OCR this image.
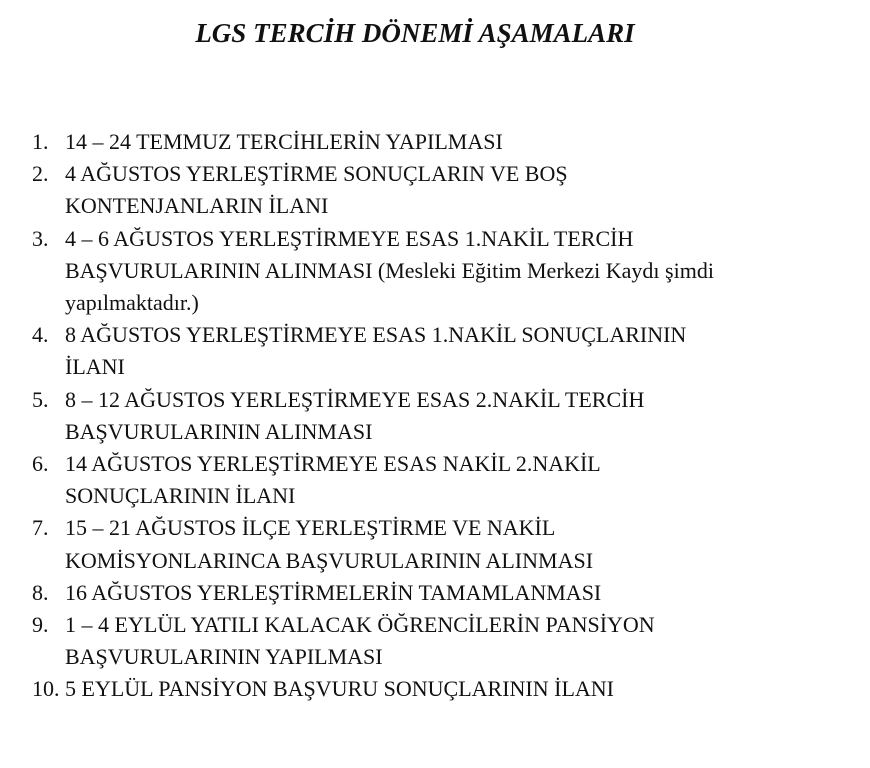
LGS TERCİH DÖNEMİ AŞAMALARI
1. 14 – 24 TEMMUZ TERCİHLERİN YAPILMASI
2. 4 AĞUSTOS YERLEŞTİRME SONUÇLARIN VE BOŞ
KONTENJANLARIN İLANI
3. 4 – 6 AĞUSTOS YERLEŞTİRMEYE ESAS 1.NAKİL TERCİH
BAŞVURULARININ ALINMASI (Mesleki Eğitim Merkezi Kaydı şimdi
yapılmaktadır.)
4. 8 AĞUSTOS YERLEŞTİRMEYE ESAS 1.NAKİL SONUÇLARININ
İLANI
5. 8 – 12 AĞUSTOS YERLEŞTİRMEYE ESAS 2.NAKİL TERCİH
BAŞVURULARININ ALINMASI
6. 14 AĞUSTOS YERLEŞTİRMEYE ESAS NAKİL 2.NAKİL
SONUÇLARININ İLANI
7. 15 – 21 AĞUSTOS İLÇE YERLEŞTİRME VE NAKİL
KOMİSYONLARINCA BAŞVURULARININ ALINMASI
8. 16 AĞUSTOS YERLEŞTİRMELERİN TAMAMLANMASI
9. 1 – 4 EYLÜL YATILI KALACAK ÖĞRENCİLERİN PANSİYON
BAŞVURULARININ YAPILMASI
10. 5 EYLÜL PANSİYON BAŞVURU SONUÇLARININ İLANI
